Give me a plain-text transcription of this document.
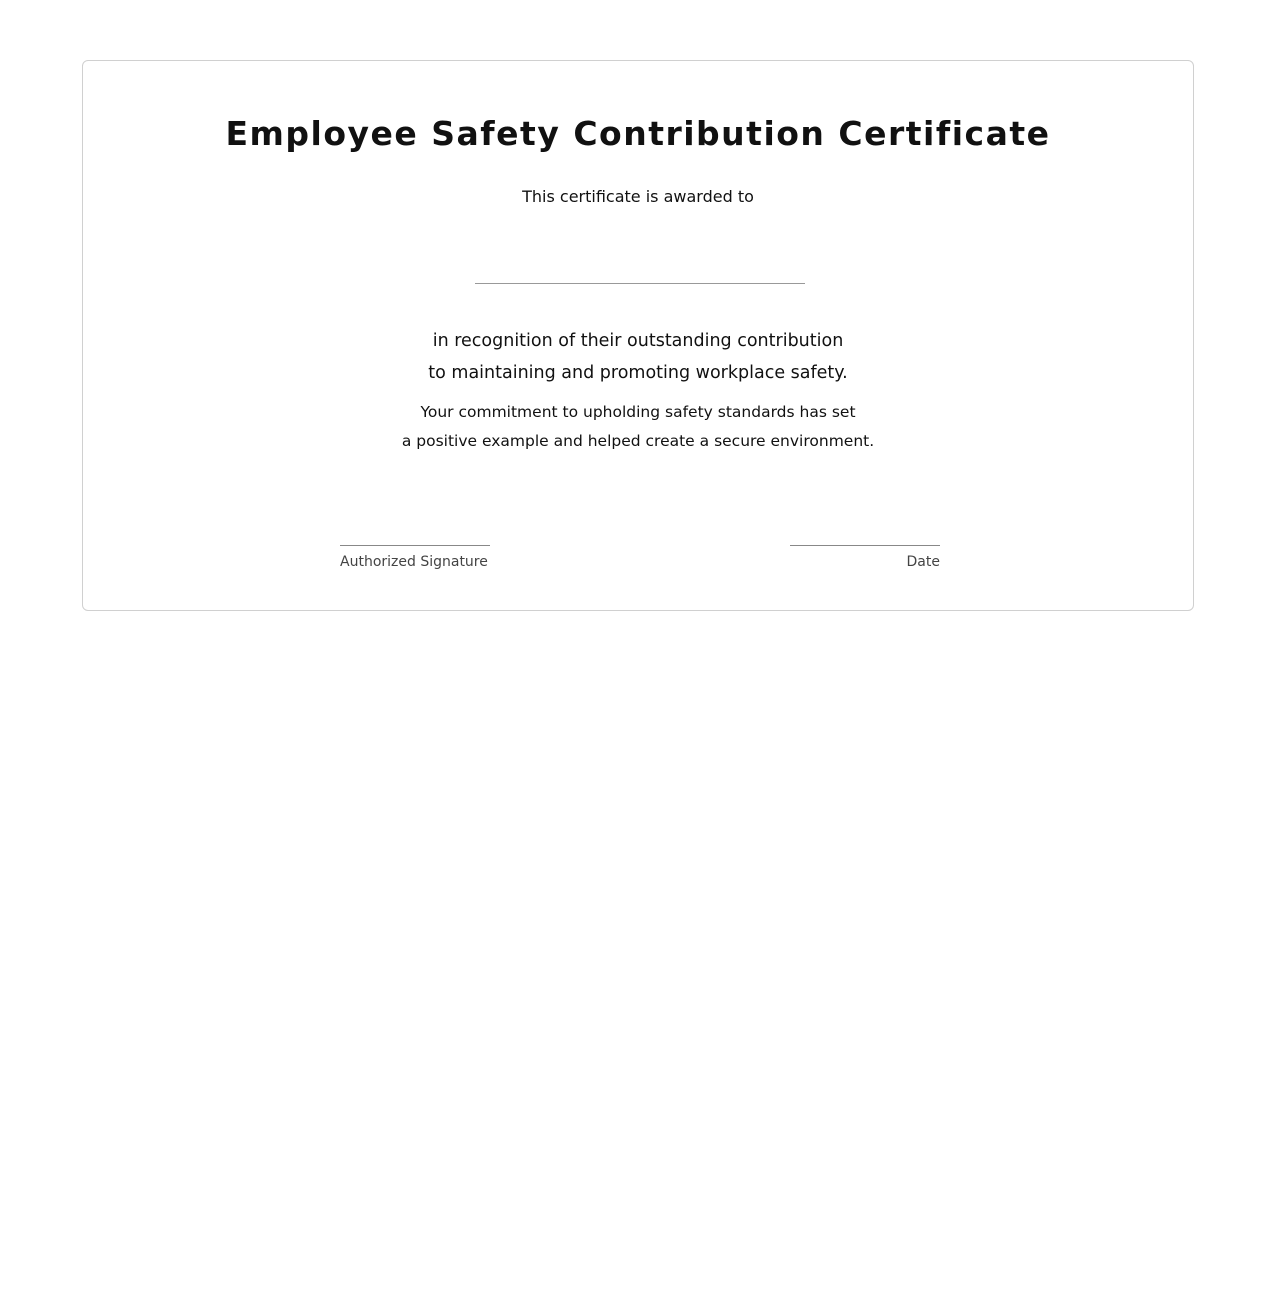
Employee Safety Contribution Certificate
This certificate is awarded to
in recognition of their outstanding contribution
to maintaining and promoting workplace safety.
Your commitment to upholding safety standards has set
a positive example and helped create a secure environment.
Authorized Signature	Date
